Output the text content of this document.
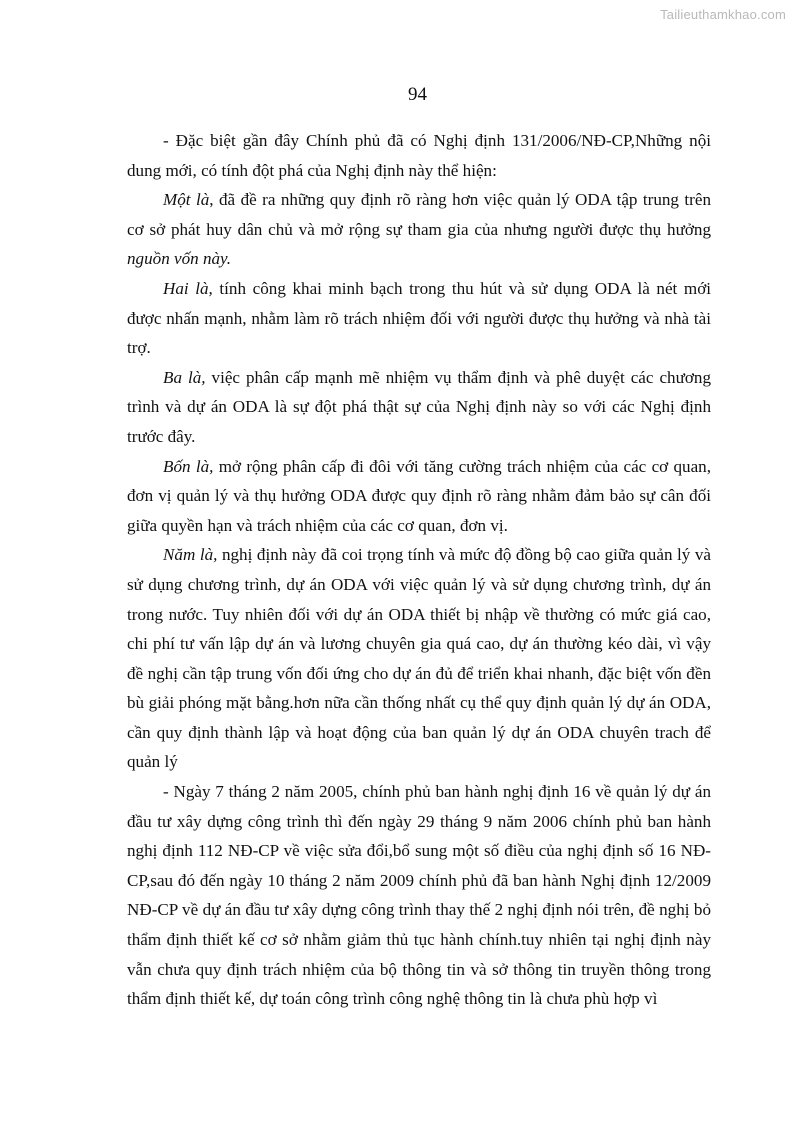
Tailieuthamkhao.com
94

- Đặc biệt gần đây Chính phủ đã có Nghị định 131/2006/NĐ-CP,Những nội dung mới, có tính đột phá của Nghị định này thể hiện:

Một là, đã đề ra những quy định rõ ràng hơn việc quản lý ODA tập trung trên cơ sở phát huy dân chủ và mở rộng sự tham gia của nhưng người được thụ hưởng nguồn vốn này.

Hai là, tính công khai minh bạch trong thu hút và sử dụng ODA là nét mới được nhấn mạnh, nhằm làm rõ trách nhiệm đối với người được thụ hưởng và nhà tài trợ.

Ba là, việc phân cấp mạnh mẽ nhiệm vụ thẩm định và phê duyệt các chương trình và dự án ODA là sự đột phá thật sự của Nghị định này so với các Nghị định trước đây.

Bốn là, mở rộng phân cấp đi đôi với tăng cường trách nhiệm của các cơ quan, đơn vị quản lý và thụ hưởng ODA được quy định rõ ràng nhằm đảm bảo sự cân đối giữa quyền hạn và trách nhiệm của các cơ quan, đơn vị.

Năm là, nghị định này đã coi trọng tính và mức độ đồng bộ cao giữa quản lý và sử dụng chương trình, dự án ODA với việc quản lý và sử dụng chương trình, dự án trong nước. Tuy nhiên đối với dự án ODA thiết bị nhập về thường có mức giá cao, chi phí tư vấn lập dự án và lương chuyên gia quá cao, dự án thường kéo dài, vì vậy đề nghị cần tập trung vốn đối ứng cho dự án đủ để triển khai nhanh, đặc biệt vốn đền bù giải phóng mặt bằng.hơn nữa cần thống nhất cụ thể quy định quản lý dự án ODA, cần quy định thành lập và hoạt động của ban quản lý dự án ODA chuyên trach để quản lý

- Ngày 7 tháng 2 năm 2005, chính phủ ban hành nghị định 16 về quản lý dự án đầu tư xây dựng công trình thì đến ngày 29 tháng 9 năm 2006 chính phủ ban hành nghị định 112 NĐ-CP về việc sửa đổi,bổ sung một số điều của nghị định số 16 NĐ-CP,sau đó đến ngày 10 tháng 2 năm 2009 chính phủ đã ban hành Nghị định 12/2009 NĐ-CP về dự án đầu tư xây dựng công trình thay thế 2 nghị định nói trên, đề nghị bỏ thẩm định thiết kế cơ sở nhằm giảm thủ tục hành chính.tuy nhiên tại nghị định này vẫn chưa quy định trách nhiệm của bộ thông tin và sở thông tin truyền thông trong thẩm định thiết kế, dự toán công trình công nghệ thông tin là chưa phù hợp vì
